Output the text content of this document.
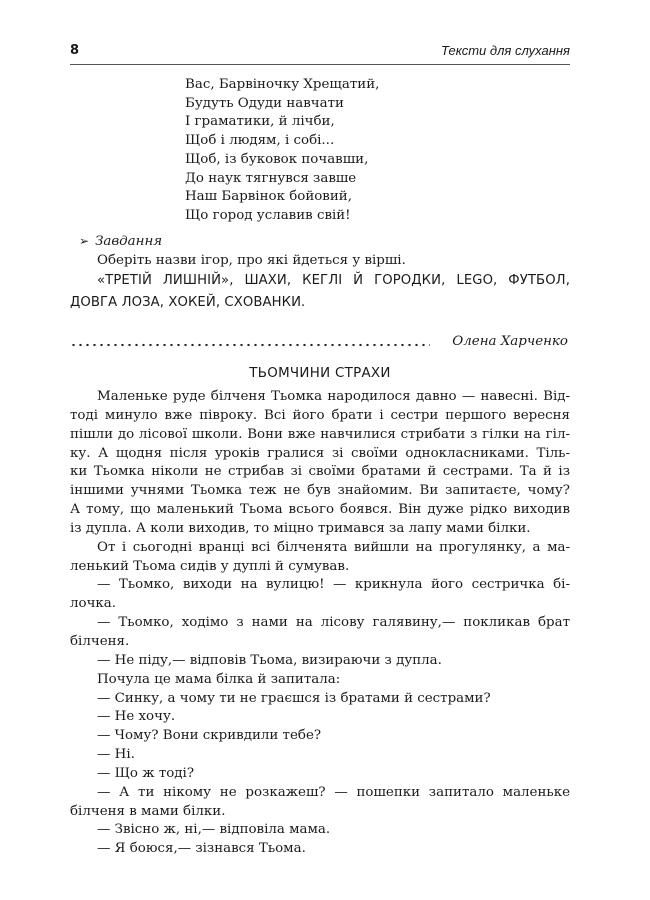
8	Тексти для слухання
Вас, Барвіночку Хрещатий,
Будуть Одуди навчати
І граматики, й лічби,
Щоб і людям, і собі...
Щоб, із буковок почавши,
До наук тягнувся завше
Наш Барвінок бойовий,
Що город уславив свій!
➢ Завдання
Оберіть назви ігор, про які йдеться у вірші.
«ТРЕТІЙ ЛИШНІЙ», ШАХИ, КЕГЛІ Й ГОРОДКИ, LEGO, ФУТБОЛ, ДОВГА ЛОЗА, ХОКЕЙ, СХОВАНКИ.
Олена Харченко
ТЬОМЧИНИ СТРАХИ
Маленьке руде білченя Тьомка народилося давно — навесні. Від-
тоді минуло вже півроку. Всі його брати і сестри першого вересня
пішли до лісової школи. Вони вже навчилися стрибати з гілки на гіл-
ку. А щодня після уроків гралися зі своїми однокласниками. Тіль-
ки Тьомка ніколи не стрибав зі своїми братами й сестрами. Та й із
іншими учнями Тьомка теж не був знайомим. Ви запитаєте, чому?
А тому, що маленький Тьома всього боявся. Він дуже рідко виходив
із дупла. А коли виходив, то міцно тримався за лапу мами білки.
От і сьогодні вранці всі білченята вийшли на прогулянку, а ма-
ленький Тьома сидів у дуплі й сумував.
— Тьомко, виходи на вулицю! — крикнула його сестричка бі-
лочка.
— Тьомко, ходімо з нами на лісову галявину,— покликав брат
білченя.
— Не піду,— відповів Тьома, визираючи з дупла.
Почула це мама білка й запитала:
— Синку, а чому ти не граєшся із братами й сестрами?
— Не хочу.
— Чому? Вони скривдили тебе?
— Ні.
— Що ж тоді?
— А ти нікому не розкажеш? — пошепки запитало маленьке
білченя в мами білки.
— Звісно ж, ні,— відповіла мама.
— Я боюся,— зізнався Тьома.
